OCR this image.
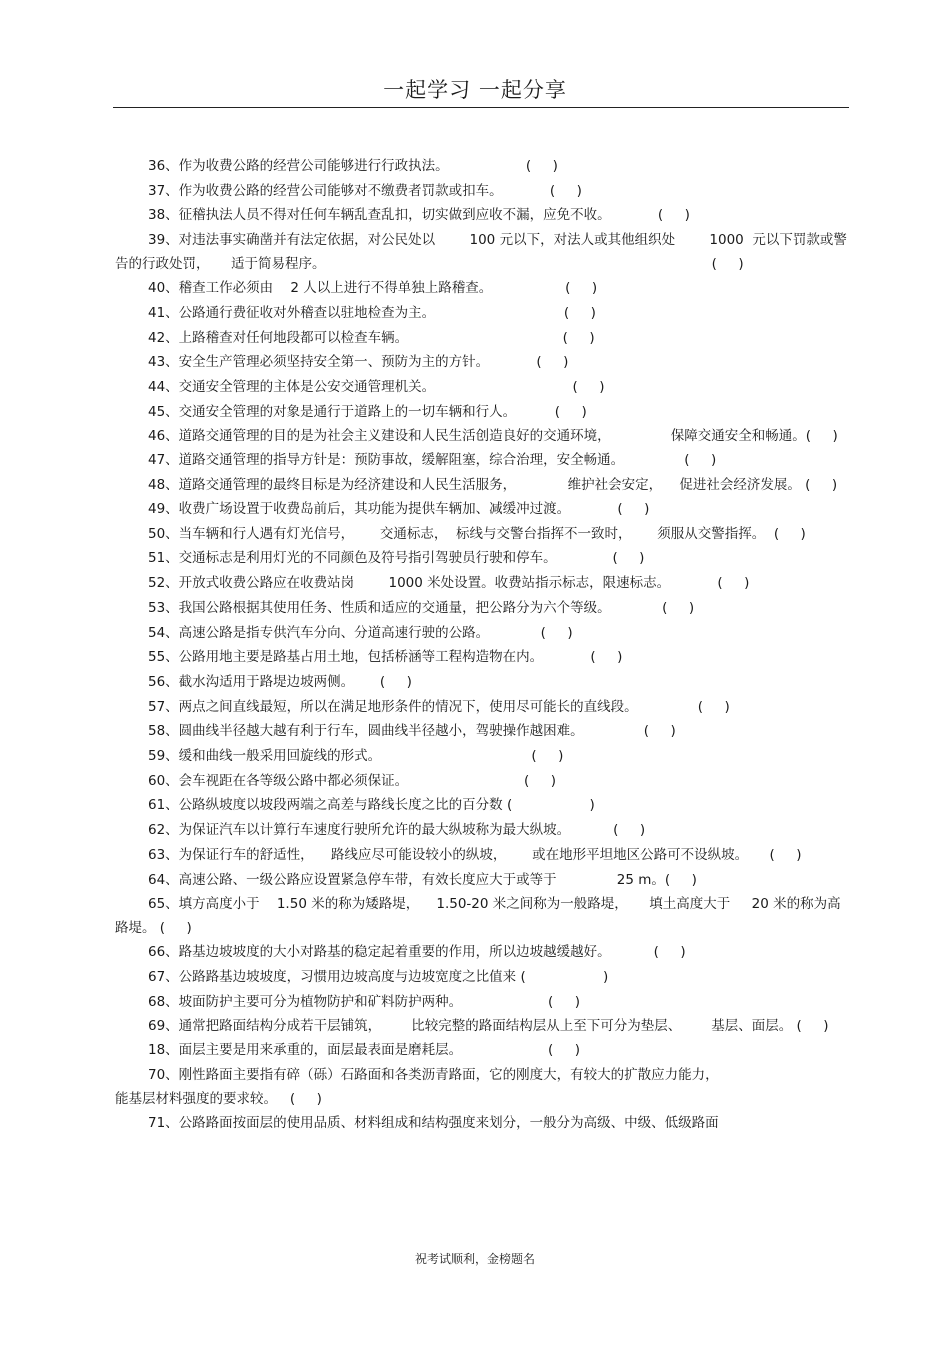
一起学习 一起分享

36、作为收费公路的经营公司能够进行行政执法。                  (     )

37、作为收费公路的经营公司能够对不缴费者罚款或扣车。           (     )

38、征稽执法人员不得对任何车辆乱查乱扣，切实做到应收不漏，应免不收。           (     )

39、对违法事实确凿并有法定依据，对公民处以        100 元以下，对法人或其他组织处        1000  元以下罚款或警告的行政处罚，     适于简易程序。                                                                                          (     )

40、稽查工作必须由    2 人以上进行不得单独上路稽查。                 (     )

41、公路通行费征收对外稽查以驻地检查为主。                              (     )

42、上路稽查对任何地段都可以检查车辆。                                    (     )

43、安全生产管理必须坚持安全第一、预防为主的方针。           (     )

44、交通安全管理的主体是公安交通管理机关。                                (     )

45、交通安全管理的对象是通行于道路上的一切车辆和行人。         (     )

46、道路交通管理的目的是为社会主义建设和人民生活创造良好的交通环境，              保障交通安全和畅通。(     )

47、道路交通管理的指导方针是：预防事故，缓解阻塞，综合治理，安全畅通。              (     )

48、道路交通管理的最终目标是为经济建设和人民生活服务，            维护社会安定，    促进社会经济发展。 (     )

49、收费广场设置于收费岛前后，其功能为提供车辆加、减缓冲过渡。           (     )

50、当车辆和行人遇有灯光信号，      交通标志，  标线与交警台指挥不一致时，      须服从交警指挥。  (     )

51、交通标志是利用灯光的不同颜色及符号指引驾驶员行驶和停车。             (     )

52、开放式收费公路应在收费站岗        1000 米处设置。收费站指示标志，限速标志。           (     )

53、我国公路根据其使用任务、性质和适应的交通量，把公路分为六个等级。            (     )

54、高速公路是指专供汽车分向、分道高速行驶的公路。            (     )

55、公路用地主要是路基占用土地，包括桥涵等工程构造物在内。           (     )

56、截水沟适用于路堤边坡两侧。      (     )

57、两点之间直线最短，所以在满足地形条件的情况下，使用尽可能长的直线段。              (     )

58、圆曲线半径越大越有利于行车，圆曲线半径越小，驾驶操作越困难。              (     )

59、缓和曲线一般采用回旋线的形式。                                   (     )

60、会车视距在各等级公路中都必须保证。                           (     )

61、公路纵坡度以坡段两端之高差与路线长度之比的百分数 (                  )

62、为保证汽车以计算行车速度行驶所允许的最大纵坡称为最大纵坡。          (     )

63、为保证行车的舒适性，    路线应尽可能设较小的纵坡，      或在地形平坦地区公路可不设纵坡。     (     )

64、高速公路、一级公路应设置紧急停车带，有效长度应大于或等于              25 m。(     )

65、填方高度小于    1.50 米的称为矮路堤，    1.50-20 米之间称为一般路堤，     填土高度大于     20 米的称为高路堤。 (     )

66、路基边坡坡度的大小对路基的稳定起着重要的作用，所以边坡越缓越好。          (     )

67、公路路基边坡坡度，习惯用边坡高度与边坡宽度之比值来 (                  )

68、坡面防护主要可分为植物防护和矿料防护两种。                    (     )

69、通常把路面结构分成若干层铺筑，       比较完整的路面结构层从上至下可分为垫层、       基层、面层。 (     )

18、面层主要是用来承重的，面层最表面是磨耗层。                    (     )

70、刚性路面主要指有碎（砾）石路面和各类沥青路面，它的刚度大，有较大的扩散应力能力，
能基层材料强度的要求较。   (     )

71、公路路面按面层的使用品质、材料组成和结构强度来划分，一般分为高级、中级、低级路面

祝考试顺利，金榜题名
